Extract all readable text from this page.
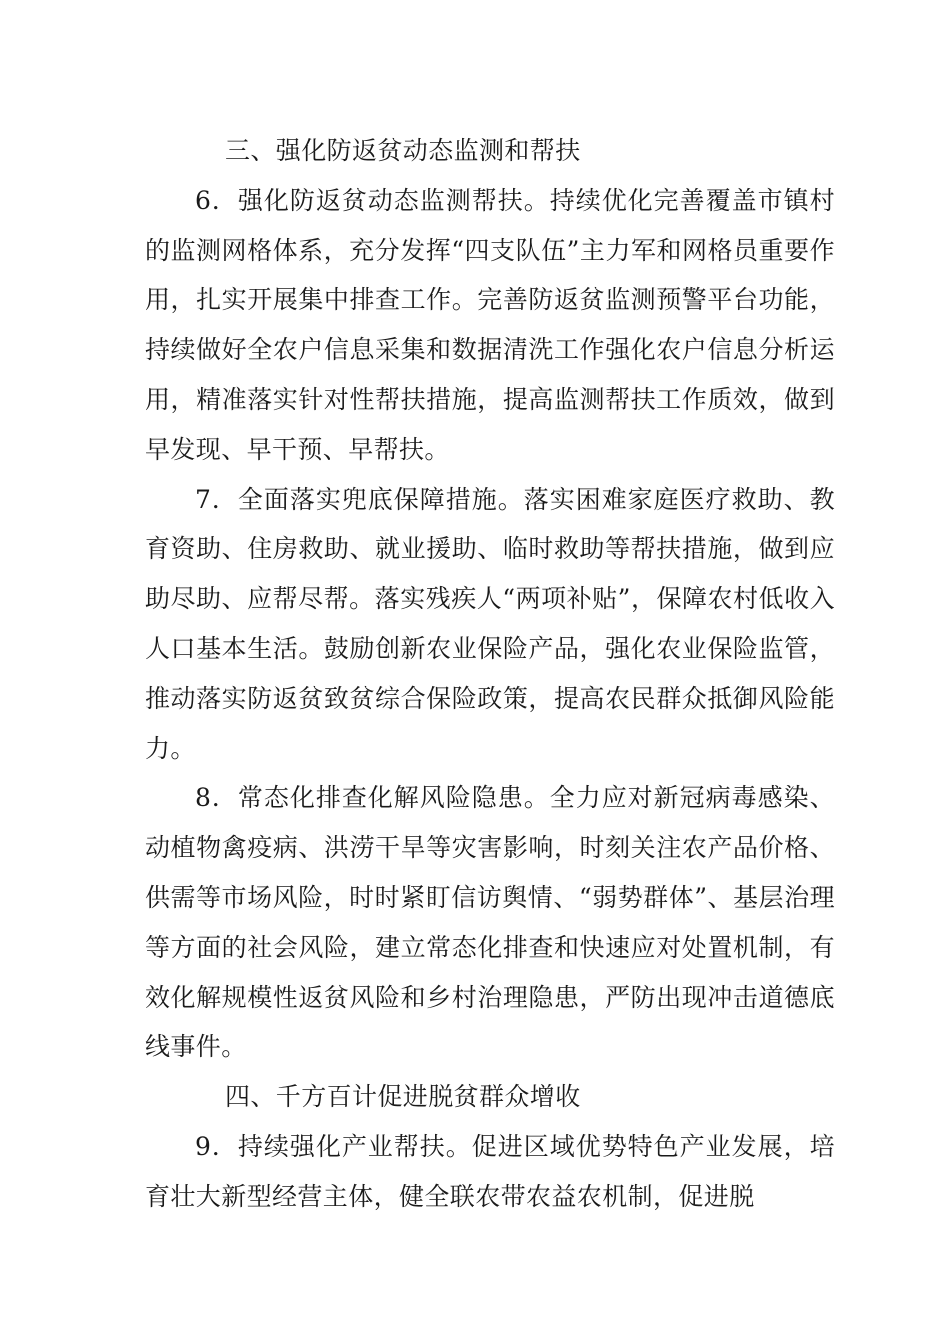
三、强化防返贫动态监测和帮扶

6．强化防返贫动态监测帮扶。持续优化完善覆盖市镇村的监测网格体系，充分发挥“四支队伍”主力军和网格员重要作用，扎实开展集中排查工作。完善防返贫监测预警平台功能，持续做好全农户信息采集和数据清洗工作强化农户信息分析运用，精准落实针对性帮扶措施，提高监测帮扶工作质效，做到早发现、早干预、早帮扶。

7．全面落实兜底保障措施。落实困难家庭医疗救助、教育资助、住房救助、就业援助、临时救助等帮扶措施，做到应助尽助、应帮尽帮。落实残疾人“两项补贴”，保障农村低收入人口基本生活。鼓励创新农业保险产品，强化农业保险监管，推动落实防返贫致贫综合保险政策，提高农民群众抵御风险能力。

8．常态化排查化解风险隐患。全力应对新冠病毒感染、动植物禽疫病、洪涝干旱等灾害影响，时刻关注农产品价格、供需等市场风险，时时紧盯信访舆情、“弱势群体”、基层治理等方面的社会风险，建立常态化排查和快速应对处置机制，有效化解规模性返贫风险和乡村治理隐患，严防出现冲击道德底线事件。

四、千方百计促进脱贫群众增收

9．持续强化产业帮扶。促进区域优势特色产业发展，培育壮大新型经营主体，健全联农带农益农机制，促进脱
